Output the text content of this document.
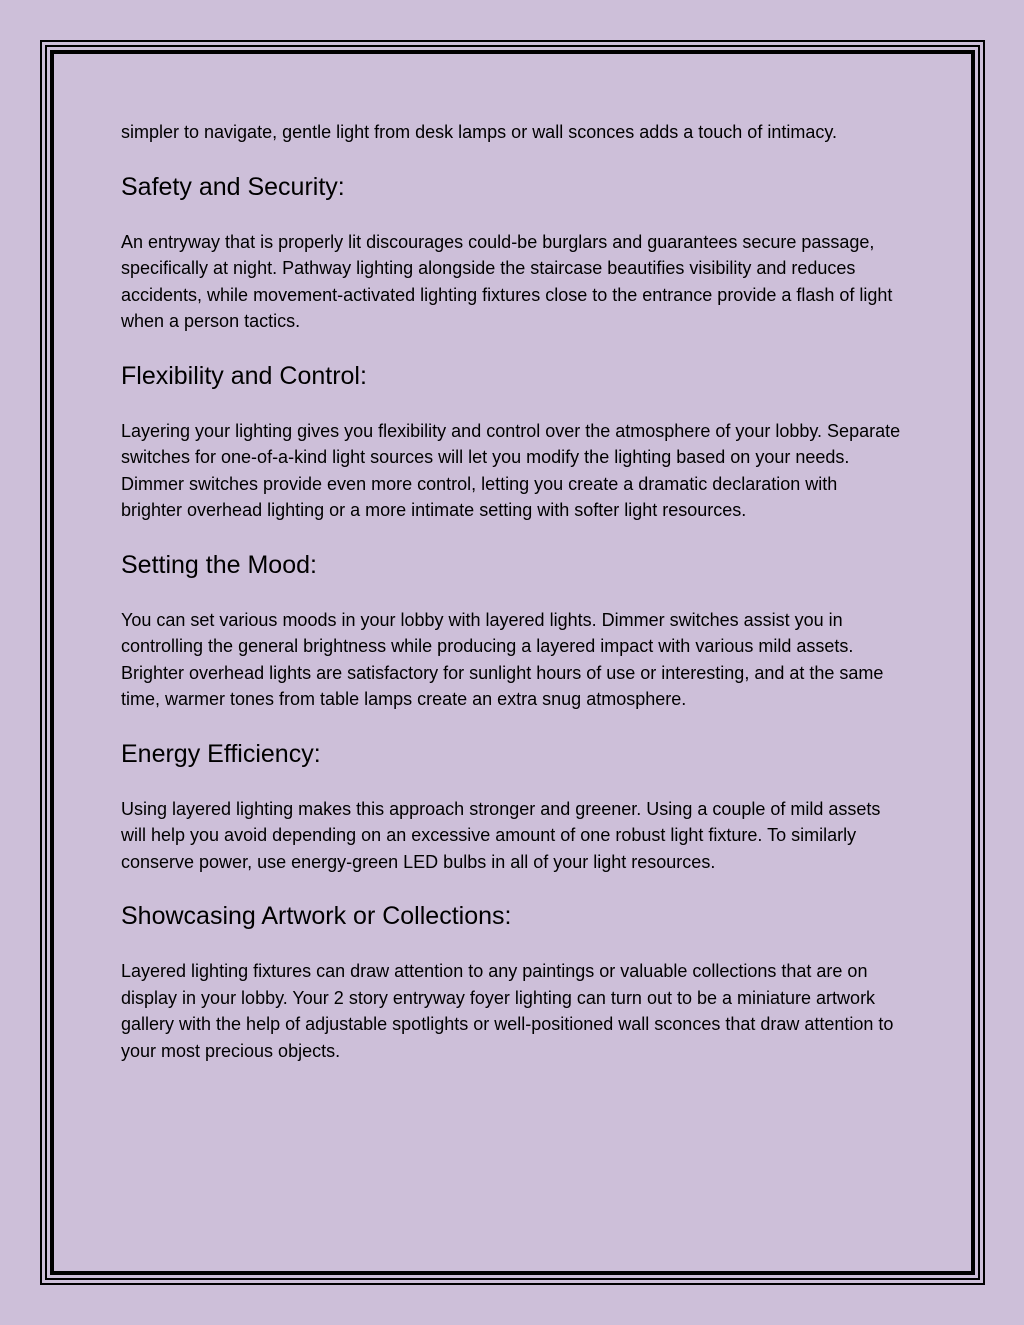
simpler to navigate, gentle light from desk lamps or wall sconces adds a touch of intimacy.

Safety and Security:

An entryway that is properly lit discourages could-be burglars and guarantees secure passage, specifically at night. Pathway lighting alongside the staircase beautifies visibility and reduces accidents, while movement-activated lighting fixtures close to the entrance provide a flash of light when a person tactics.

Flexibility and Control:

Layering your lighting gives you flexibility and control over the atmosphere of your lobby. Separate switches for one-of-a-kind light sources will let you modify the lighting based on your needs. Dimmer switches provide even more control, letting you create a dramatic declaration with brighter overhead lighting or a more intimate setting with softer light resources.

Setting the Mood:

You can set various moods in your lobby with layered lights. Dimmer switches assist you in controlling the general brightness while producing a layered impact with various mild assets. Brighter overhead lights are satisfactory for sunlight hours of use or interesting, and at the same time, warmer tones from table lamps create an extra snug atmosphere.

Energy Efficiency:

Using layered lighting makes this approach stronger and greener. Using a couple of mild assets will help you avoid depending on an excessive amount of one robust light fixture. To similarly conserve power, use energy-green LED bulbs in all of your light resources.

Showcasing Artwork or Collections:

Layered lighting fixtures can draw attention to any paintings or valuable collections that are on display in your lobby. Your 2 story entryway foyer lighting can turn out to be a miniature artwork gallery with the help of adjustable spotlights or well-positioned wall sconces that draw attention to your most precious objects.
